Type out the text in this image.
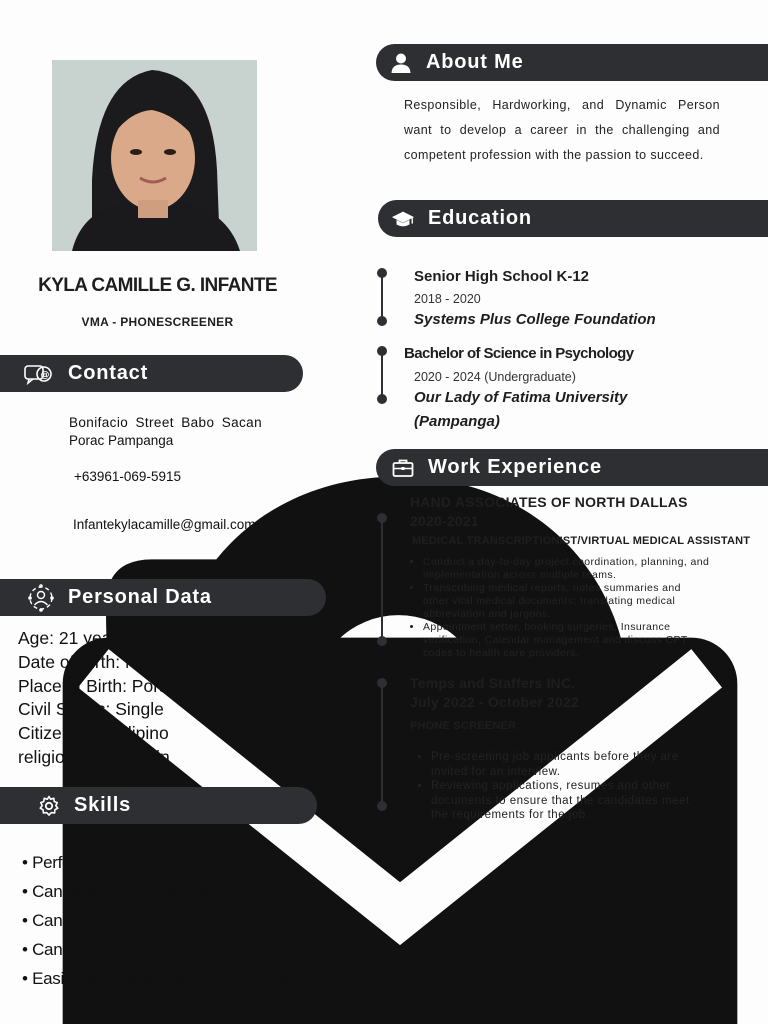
KYLA CAMILLE G. INFANTE
VMA - PHONESCREENER
@ Contact
Bonifacio Street Babo Sacan
Porac Pampanga
+63961-069-5915
Infantekylacamille@gmail.com
Personal Data
Age: 21 years old
Date of Birth: November 05, 2002
Place of Birth: Porac, Pampanga
Civil Status: Single
Citizenship: Filipino
religion: Born Again
Skills
• Perform computer operations
• Can work in team environment
• Can provide effective customer service
• Can work under pressure
• Easily adapt to the work environment
About Me
Responsible, Hardworking, and Dynamic Person want to develop a career in the challenging and competent profession with the passion to succeed.
Education
Senior High School K-12
2018 - 2020
Systems Plus College Foundation
Bachelor of Science in Psychology
2020 - 2024 (Undergraduate)
Our Lady of Fatima University
(Pampanga)
Work Experience
HAND ASSOCIATES OF NORTH DALLAS
2020-2021
MEDICAL TRANSCRIPTIONIST/VIRTUAL MEDICAL ASSISTANT
• Conduct a day-to-day project coordination, planning, and implementation across multiple teams.
• Transcribing medical reports, notes summaries and other vital medical documents; translating medical abbreviation and jargons.
• Appointment setter, booking surgeries, Insurance verification, Calendar management and discuss CPT codes to health care providers.
Temps and Staffers INC.
July 2022 - October 2022
PHONE SCREENER
• Pre-screening job applicants before they are invited for an interview.
• Reviewing applications, resumes and other documents to ensure that the candidates meet the requirements for the job.
